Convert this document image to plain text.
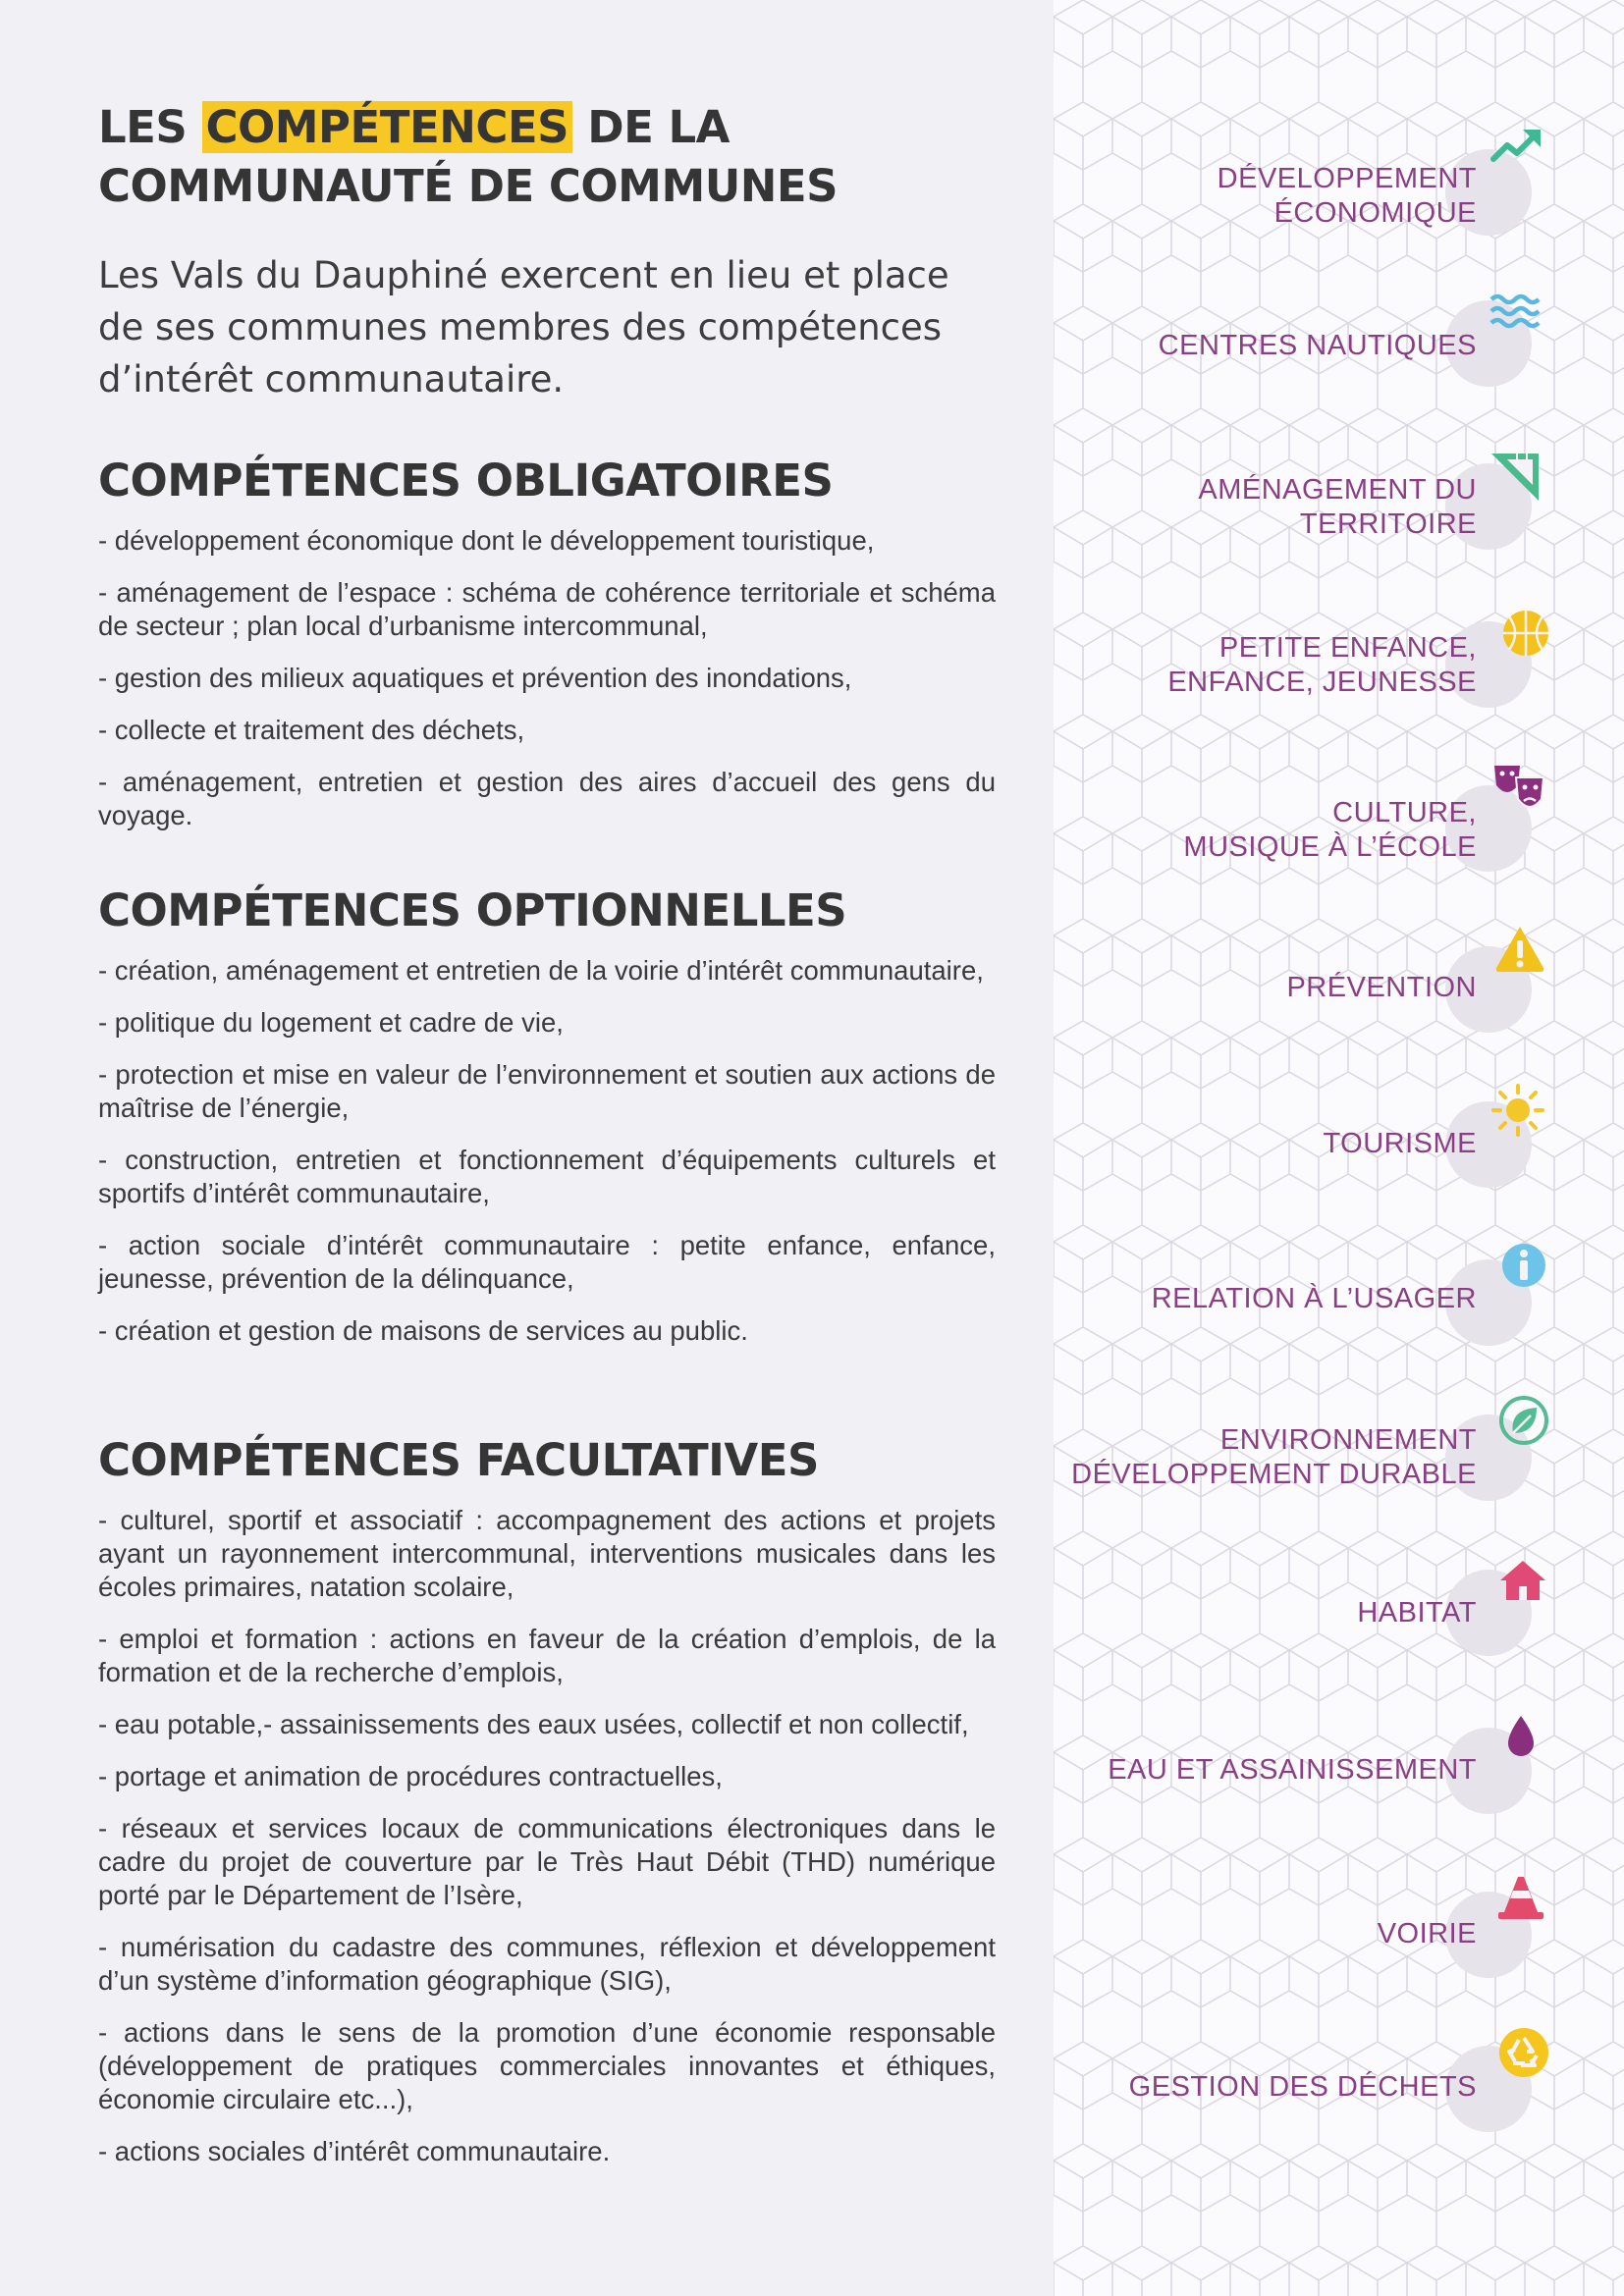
LES COMPÉTENCES DE LA
COMMUNAUTÉ DE COMMUNES

Les Vals du Dauphiné exercent en lieu et place de ses communes membres des compétences d’intérêt communautaire.

COMPÉTENCES OBLIGATOIRES
- développement économique dont le développement touristique,
- aménagement de l’espace : schéma de cohérence territoriale et schéma de secteur ; plan local d’urbanisme intercommunal,
- gestion des milieux aquatiques et prévention des inondations,
- collecte et traitement des déchets,
- aménagement, entretien et gestion des aires d’accueil des gens du voyage.
COMPÉTENCES OPTIONNELLES
- création, aménagement et entretien de la voirie d’intérêt communautaire,
- politique du logement et cadre de vie,
- protection et mise en valeur de l’environnement et soutien aux actions de maîtrise de l’énergie,
- construction, entretien et fonctionnement d’équipements culturels et sportifs d’intérêt communautaire,
- action sociale d’intérêt communautaire : petite enfance, enfance, jeunesse, prévention de la délinquance,
- création et gestion de maisons de services au public.
COMPÉTENCES FACULTATIVES
- culturel, sportif et associatif : accompagnement des actions et projets ayant un rayonnement intercommunal, interventions musicales dans les écoles primaires, natation scolaire,
- emploi et formation : actions en faveur de la création d’emplois, de la formation et de la recherche d’emplois,
- eau potable,- assainissements des eaux usées, collectif et non collectif,
- portage et animation de procédures contractuelles,
- réseaux et services locaux de communications électroniques dans le cadre du projet de couverture par le Très Haut Débit (THD) numérique porté par le Département de l’Isère,
- numérisation du cadastre des communes, réflexion et développement d’un système d’information géographique (SIG),
- actions dans le sens de la promotion d’une économie responsable (développement de pratiques commerciales innovantes et éthiques, économie circulaire etc...),
- actions sociales d’intérêt communautaire.
DÉVELOPPEMENT
ÉCONOMIQUE
CENTRES NAUTIQUES
AMÉNAGEMENT DU
TERRITOIRE
PETITE ENFANCE,
ENFANCE, JEUNESSE
CULTURE,
MUSIQUE À L’ÉCOLE
PRÉVENTION
TOURISME
RELATION À L’USAGER
ENVIRONNEMENT
DÉVELOPPEMENT DURABLE
HABITAT
EAU ET ASSAINISSEMENT
VOIRIE
GESTION DES DÉCHETS
